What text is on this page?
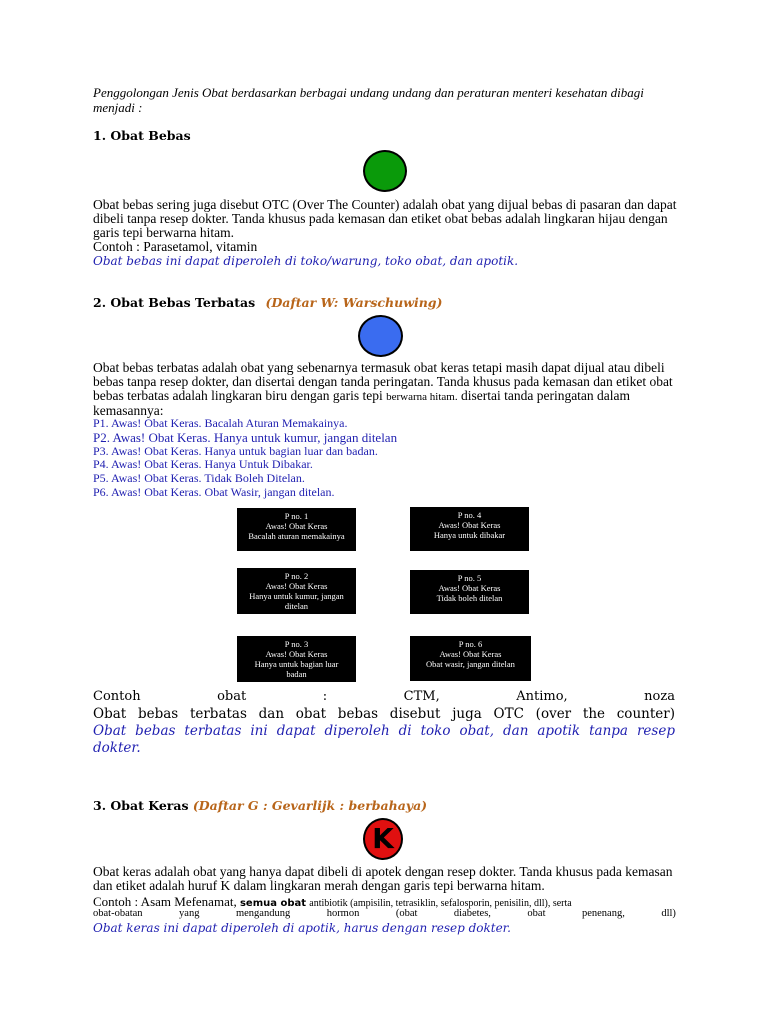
Penggolongan Jenis Obat berdasarkan berbagai undang undang dan peraturan menteri kesehatan dibagi menjadi :
1. Obat Bebas
Obat bebas sering juga disebut OTC (Over The Counter) adalah obat yang dijual bebas di pasaran dan dapat dibeli tanpa resep dokter. Tanda khusus pada kemasan dan etiket obat bebas adalah lingkaran hijau dengan garis tepi berwarna hitam.
Contoh : Parasetamol, vitamin
Obat bebas ini dapat diperoleh di toko/warung, toko obat, dan apotik.
2. Obat Bebas Terbatas (Daftar W: Warschuwing)
Obat bebas terbatas adalah obat yang sebenarnya termasuk obat keras tetapi masih dapat dijual atau dibeli bebas tanpa resep dokter, dan disertai dengan tanda peringatan. Tanda khusus pada kemasan dan etiket obat bebas terbatas adalah lingkaran biru dengan garis tepi berwarna hitam. disertai tanda peringatan dalam kemasannya:
P1. Awas! Obat Keras. Bacalah Aturan Memakainya.
P2. Awas! Obat Keras. Hanya untuk kumur, jangan ditelan
P3. Awas! Obat Keras. Hanya untuk bagian luar dan badan.
P4. Awas! Obat Keras. Hanya Untuk Dibakar.
P5. Awas! Obat Keras. Tidak Boleh Ditelan.
P6. Awas! Obat Keras. Obat Wasir, jangan ditelan.
P no. 1
Awas! Obat Keras
Bacalah aturan memakainya
P no. 4
Awas! Obat Keras
Hanya untuk dibakar
P no. 2
Awas! Obat Keras
Hanya untuk kumur, jangan
ditelan
P no. 5
Awas! Obat Keras
Tidak boleh ditelan
P no. 3
Awas! Obat Keras
Hanya untuk bagian luar
badan
P no. 6
Awas! Obat Keras
Obat wasir, jangan ditelan
Contoh	obat	:	CTM,	Antimo,	noza
Obat bebas terbatas dan obat bebas disebut juga OTC (over the counter)
Obat bebas terbatas ini dapat diperoleh di toko obat, dan apotik tanpa resep
dokter.
3. Obat Keras (Daftar G : Gevarlijk : berbahaya)
K
Obat keras adalah obat yang hanya dapat dibeli di apotek dengan resep dokter. Tanda khusus pada kemasan dan etiket adalah huruf K dalam lingkaran merah dengan garis tepi berwarna hitam.
Contoh : Asam Mefenamat, semua obat antibiotik (ampisilin, tetrasiklin, sefalosporin, penisilin, dll), serta
obat-obatan	yang	mengandung	hormon	(obat	diabetes,	obat	penenang,	dll)
Obat keras ini dapat diperoleh di apotik, harus dengan resep dokter.
